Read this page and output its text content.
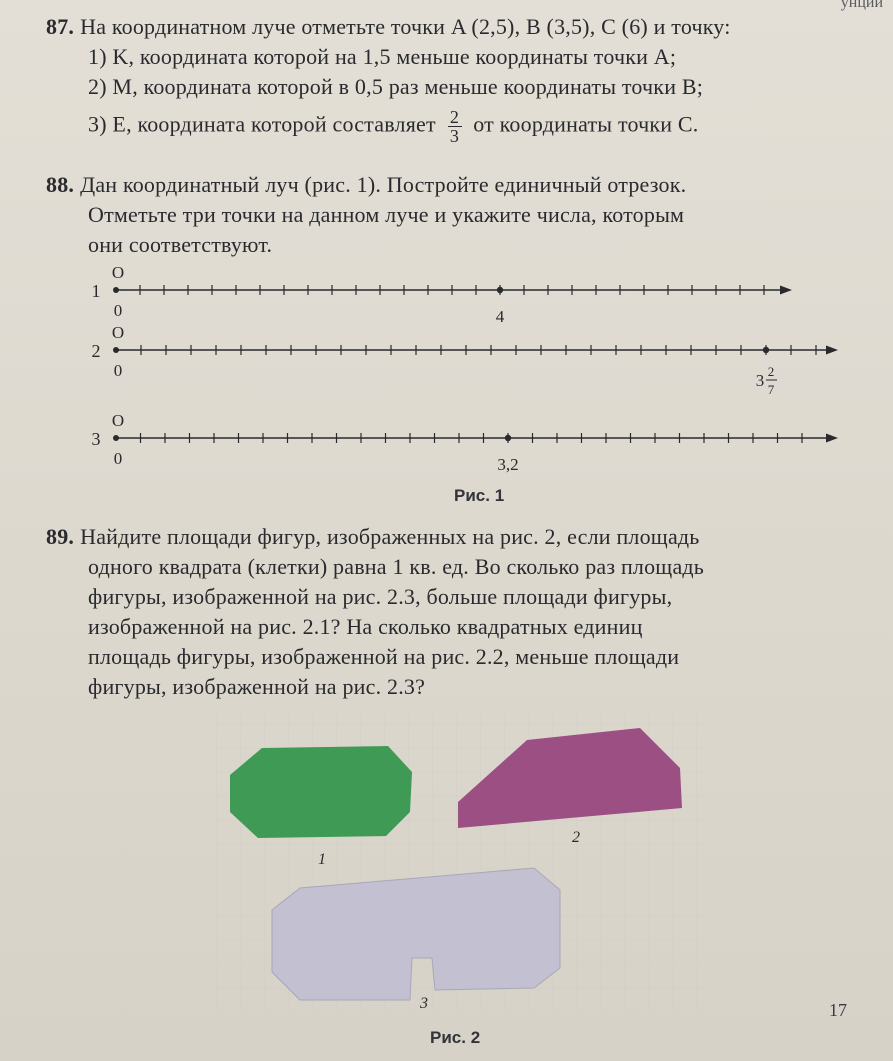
унции
87. На координатном луче отметьте точки A (2,5), B (3,5), C (6) и точку:
1) K, координата которой на 1,5 меньше координаты точки A;
2) M, координата которой в 0,5 раз меньше координаты точки B;
3) E, координата которой составляет $\frac{2}{3}$ от координаты точки C.
88. Дан координатный луч (рис. 1). Постройте единичный отрезок.
Отметьте три точки на данном луче и укажите числа, которым
они соответствуют.
1
O
0	4
2
O
0
3 2
7
3
O
0	3,2
Рис. 1
89. Найдите площади фигур, изображенных на рис. 2, если площадь
одного квадрата (клетки) равна 1 кв. ед. Во сколько раз площадь
фигуры, изображенной на рис. 2.3, больше площади фигуры,
изображенной на рис. 2.1? На сколько квадратных единиц
площадь фигуры, изображенной на рис. 2.2, меньше площади
фигуры, изображенной на рис. 2.3?
1
2
3
Рис. 2
17
